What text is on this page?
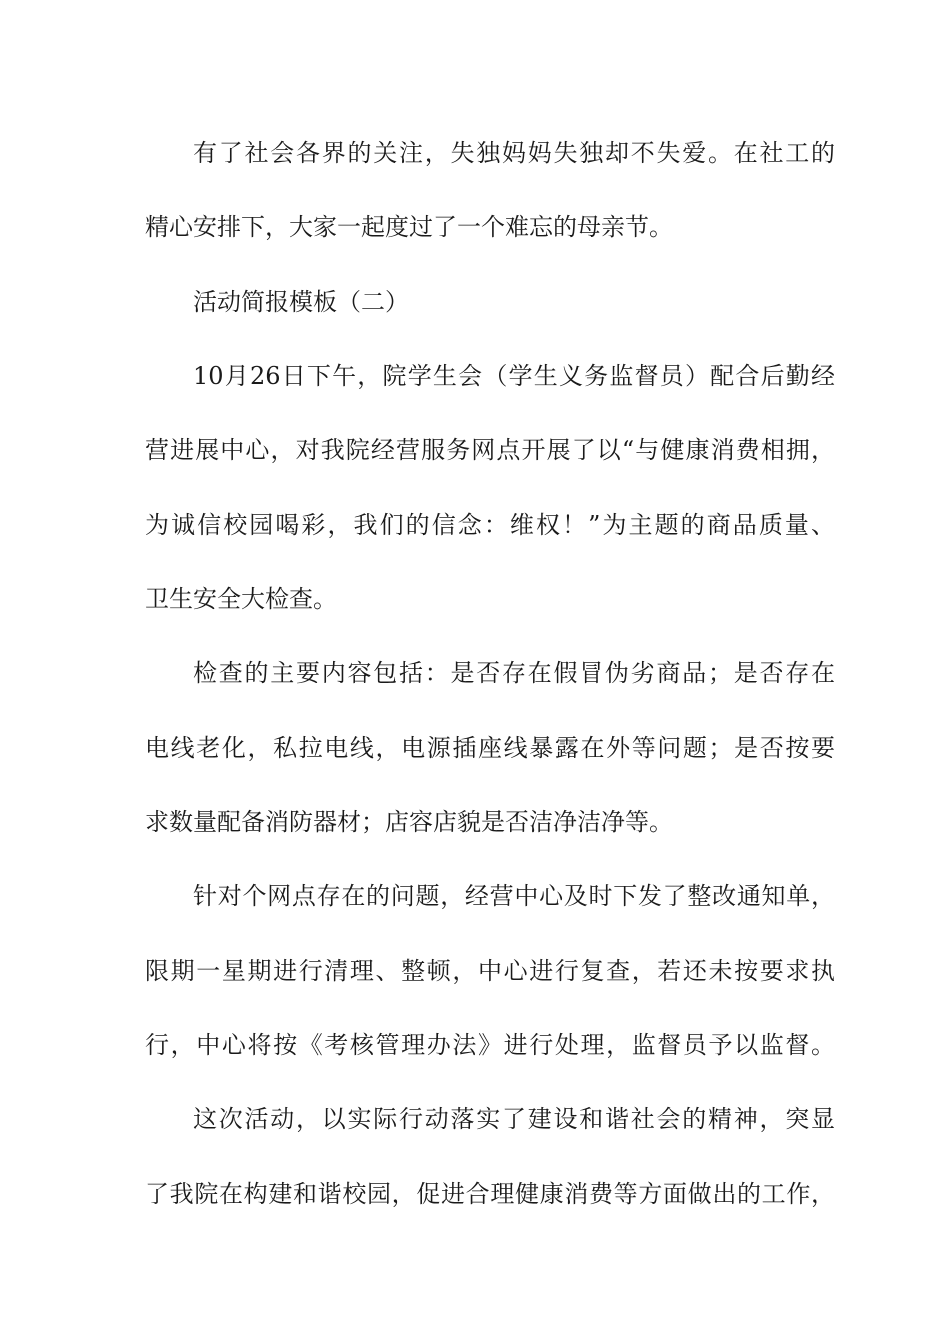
有了社会各界的关注，失独妈妈失独却不失爱。在社工的
精心安排下，大家一起度过了一个难忘的母亲节。
活动简报模板（二）
10月26日下午，院学生会（学生义务监督员）配合后勤经
营进展中心，对我院经营服务网点开展了以“与健康消费相拥，
为诚信校园喝彩，我们的信念：维权！”为主题的商品质量、
卫生安全大检查。
检查的主要内容包括：是否存在假冒伪劣商品；是否存在
电线老化，私拉电线，电源插座线暴露在外等问题；是否按要
求数量配备消防器材；店容店貌是否洁净洁净等。
针对个网点存在的问题，经营中心及时下发了整改通知单，
限期一星期进行清理、整顿，中心进行复查，若还未按要求执
行，中心将按《考核管理办法》进行处理，监督员予以监督。
这次活动，以实际行动落实了建设和谐社会的精神，突显
了我院在构建和谐校园，促进合理健康消费等方面做出的工作，
